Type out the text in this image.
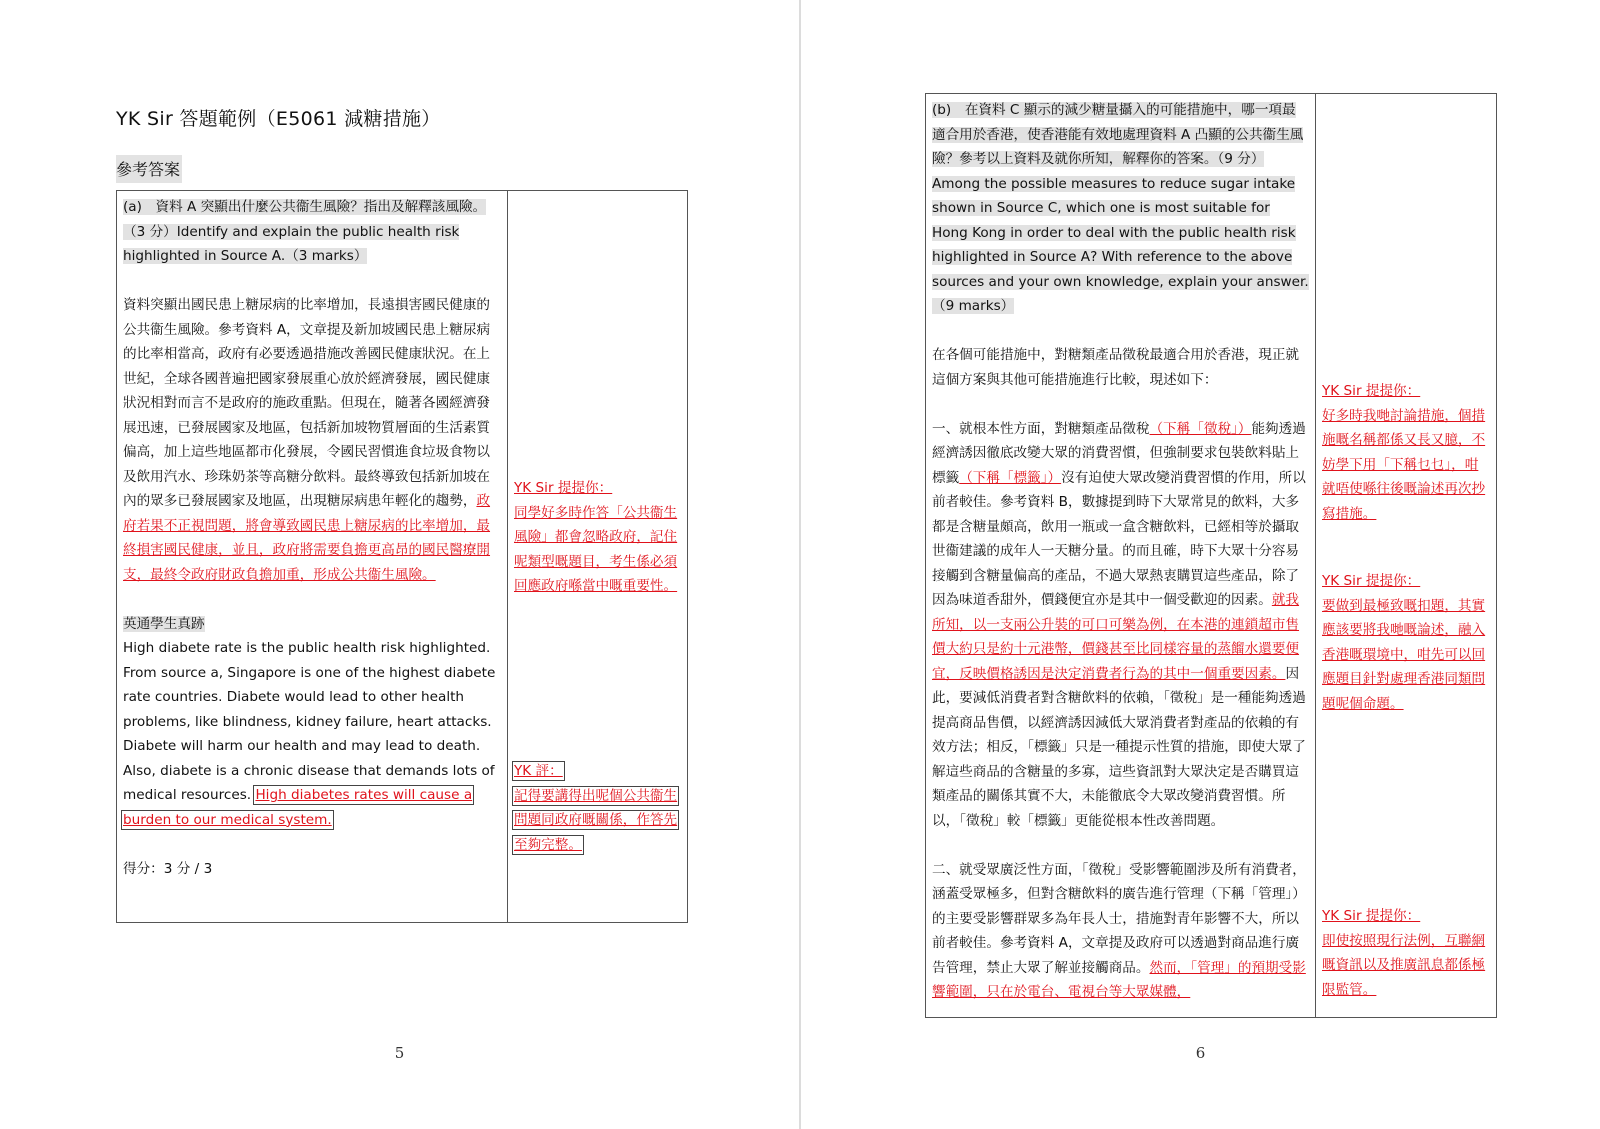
YK Sir 答題範例（E5061 減糖措施）
參考答案

(a)　資料 A 突顯出什麼公共衞生風險？指出及解釋該風險。（3 分）Identify and explain the public health risk highlighted in Source A.（3 marks）

資料突顯出國民患上糖尿病的比率增加，長遠損害國民健康的公共衞生風險。參考資料 A，文章提及新加坡國民患上糖尿病的比率相當高，政府有必要透過措施改善國民健康狀況。在上世紀，全球各國普遍把國家發展重心放於經濟發展，國民健康狀況相對而言不是政府的施政重點。但現在，隨著各國經濟發展迅速，已發展國家及地區，包括新加坡物質層面的生活素質偏高，加上這些地區都市化發展，令國民習慣進食垃圾食物以及飲用汽水、珍珠奶茶等高糖分飲料。最終導致包括新加坡在內的眾多已發展國家及地區，出現糖尿病患年輕化的趨勢，政府若果不正視問題，將會導致國民患上糖尿病的比率增加，最終損害國民健康，並且，政府將需要負擔更高昂的國民醫療開支，最終令政府財政負擔加重，形成公共衞生風險。

英通學生真跡

High diabete rate is the public health risk highlighted. From source a, Singapore is one of the highest diabete rate countries. Diabete would lead to other health problems, like blindness, kidney failure, heart attacks. Diabete will harm our health and may lead to death. Also, diabete is a chronic disease that demands lots of medical resources. High diabetes rates will cause a burden to our medical system.

得分：3 分 / 3

YK Sir 提提你：

同學好多時作答「公共衞生風險」都會忽略政府，記住呢類型嘅題目，考生係必須回應政府喺當中嘅重要性。

YK 評：

記得要講得出呢個公共衞生問題同政府嘅關係，作答先至夠完整。

5

(b)　在資料 C 顯示的減少糖量攝入的可能措施中，哪一項最適合用於香港，使香港能有效地處理資料 A 凸顯的公共衞生風險？參考以上資料及就你所知，解釋你的答案。（9 分）Among the possible measures to reduce sugar intake shown in Source C, which one is most suitable for Hong Kong in order to deal with the public health risk highlighted in Source A? With reference to the above sources and your own knowledge, explain your answer.（9 marks）

在各個可能措施中，對糖類產品徵稅最適合用於香港，現正就這個方案與其他可能措施進行比較，現述如下：

一、就根本性方面，對糖類產品徵稅（下稱「徵稅」）能夠透過經濟誘因徹底改變大眾的消費習慣，但強制要求包裝飲料貼上標籤（下稱「標籤」）沒有迫使大眾改變消費習慣的作用，所以前者較佳。參考資料 B，數據提到時下大眾常見的飲料，大多都是含糖量頗高，飲用一瓶或一盒含糖飲料，已經相等於攝取世衞建議的成年人一天糖分量。的而且確，時下大眾十分容易接觸到含糖量偏高的產品，不過大眾熱衷購買這些產品，除了因為味道香甜外，價錢便宜亦是其中一個受歡迎的因素。就我所知，以一支兩公升裝的可口可樂為例，在本港的連鎖超市售價大約只是約十元港幣，價錢甚至比同樣容量的蒸餾水還要便宜，反映價格誘因是決定消費者行為的其中一個重要因素。因此，要減低消費者對含糖飲料的依賴，「徵稅」是一種能夠透過提高商品售價，以經濟誘因減低大眾消費者對產品的依賴的有效方法；相反，「標籤」只是一種提示性質的措施，即使大眾了解這些商品的含糖量的多寡，這些資訊對大眾決定是否購買這類產品的關係其實不大，未能徹底令大眾改變消費習慣。所以，「徵稅」較「標籤」更能從根本性改善問題。

二、就受眾廣泛性方面，「徵稅」受影響範圍涉及所有消費者，涵蓋受眾極多，但對含糖飲料的廣告進行管理（下稱「管理」）的主要受影響群眾多為年長人士，措施對青年影響不大，所以前者較佳。參考資料 A，文章提及政府可以透過對商品進行廣告管理，禁止大眾了解並接觸商品。然而，「管理」的預期受影響範圍，只在於電台、電視台等大眾媒體，

YK Sir 提提你：

好多時我哋討論措施，個措施嘅名稱都係又長又臆，不妨學下用「下稱乜乜」，咁就唔使喺往後嘅論述再次抄寫措施。

YK Sir 提提你：

要做到最極致嘅扣題，其實應該要將我哋嘅論述，融入香港嘅環境中，咁先可以回應題目針對處理香港同類問題呢個命題。

YK Sir 提提你：

即使按照現行法例，互聯網嘅資訊以及推廣訊息都係極限監管。

6
